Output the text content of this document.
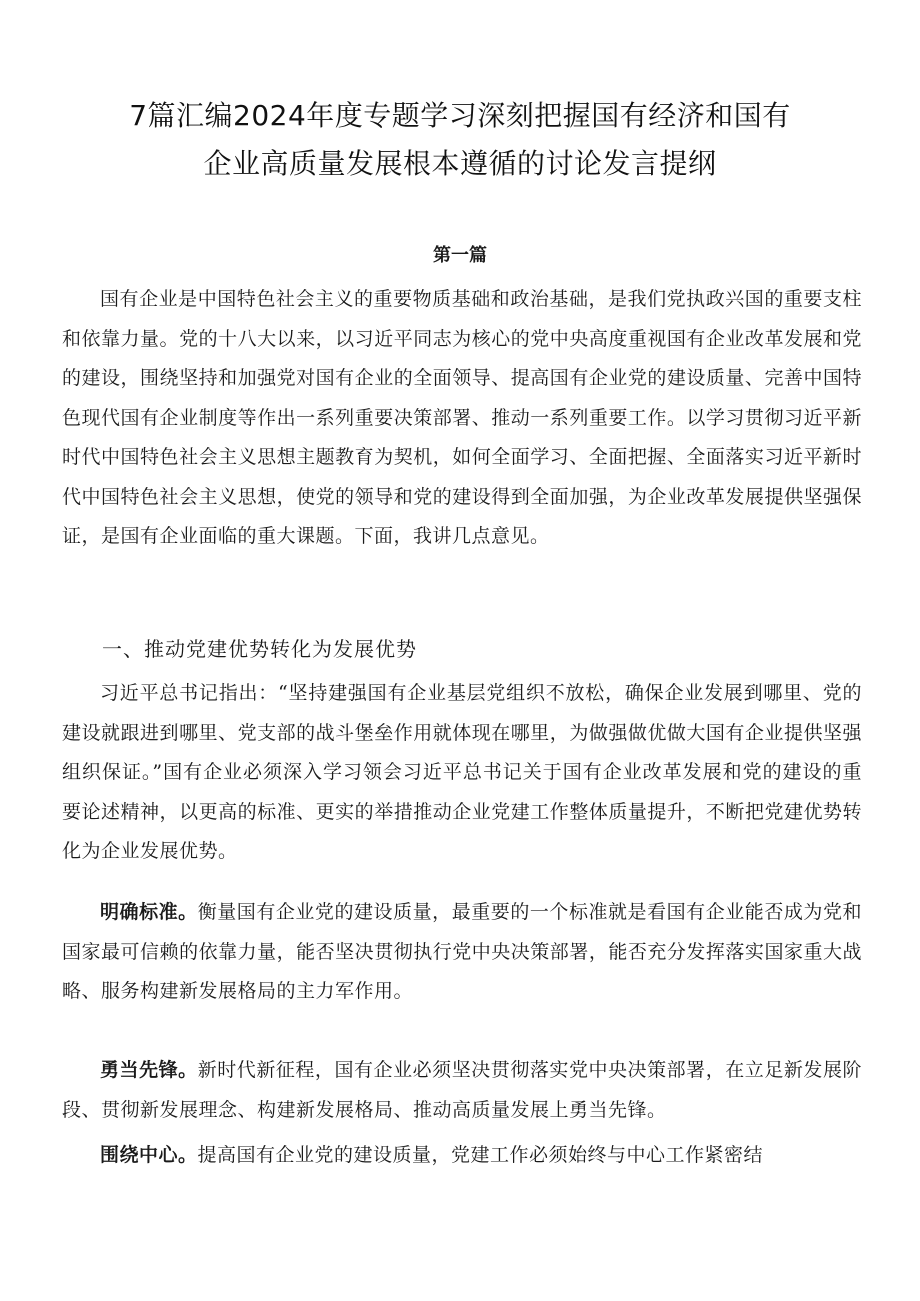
7篇汇编2024年度专题学习深刻把握国有经济和国有
企业高质量发展根本遵循的讨论发言提纲

第一篇

国有企业是中国特色社会主义的重要物质基础和政治基础，是我们党执政兴国的重要支柱和依靠力量。党的十八大以来，以习近平同志为核心的党中央高度重视国有企业改革发展和党的建设，围绕坚持和加强党对国有企业的全面领导、提高国有企业党的建设质量、完善中国特色现代国有企业制度等作出一系列重要决策部署、推动一系列重要工作。以学习贯彻习近平新时代中国特色社会主义思想主题教育为契机，如何全面学习、全面把握、全面落实习近平新时代中国特色社会主义思想，使党的领导和党的建设得到全面加强，为企业改革发展提供坚强保证，是国有企业面临的重大课题。下面，我讲几点意见。

一、推动党建优势转化为发展优势

习近平总书记指出：“坚持建强国有企业基层党组织不放松，确保企业发展到哪里、党的建设就跟进到哪里、党支部的战斗堡垒作用就体现在哪里，为做强做优做大国有企业提供坚强组织保证。”国有企业必须深入学习领会习近平总书记关于国有企业改革发展和党的建设的重要论述精神，以更高的标准、更实的举措推动企业党建工作整体质量提升，不断把党建优势转化为企业发展优势。

明确标准。衡量国有企业党的建设质量，最重要的一个标准就是看国有企业能否成为党和国家最可信赖的依靠力量，能否坚决贯彻执行党中央决策部署，能否充分发挥落实国家重大战略、服务构建新发展格局的主力军作用。

勇当先锋。新时代新征程，国有企业必须坚决贯彻落实党中央决策部署，在立足新发展阶段、贯彻新发展理念、构建新发展格局、推动高质量发展上勇当先锋。

围绕中心。提高国有企业党的建设质量，党建工作必须始终与中心工作紧密结
